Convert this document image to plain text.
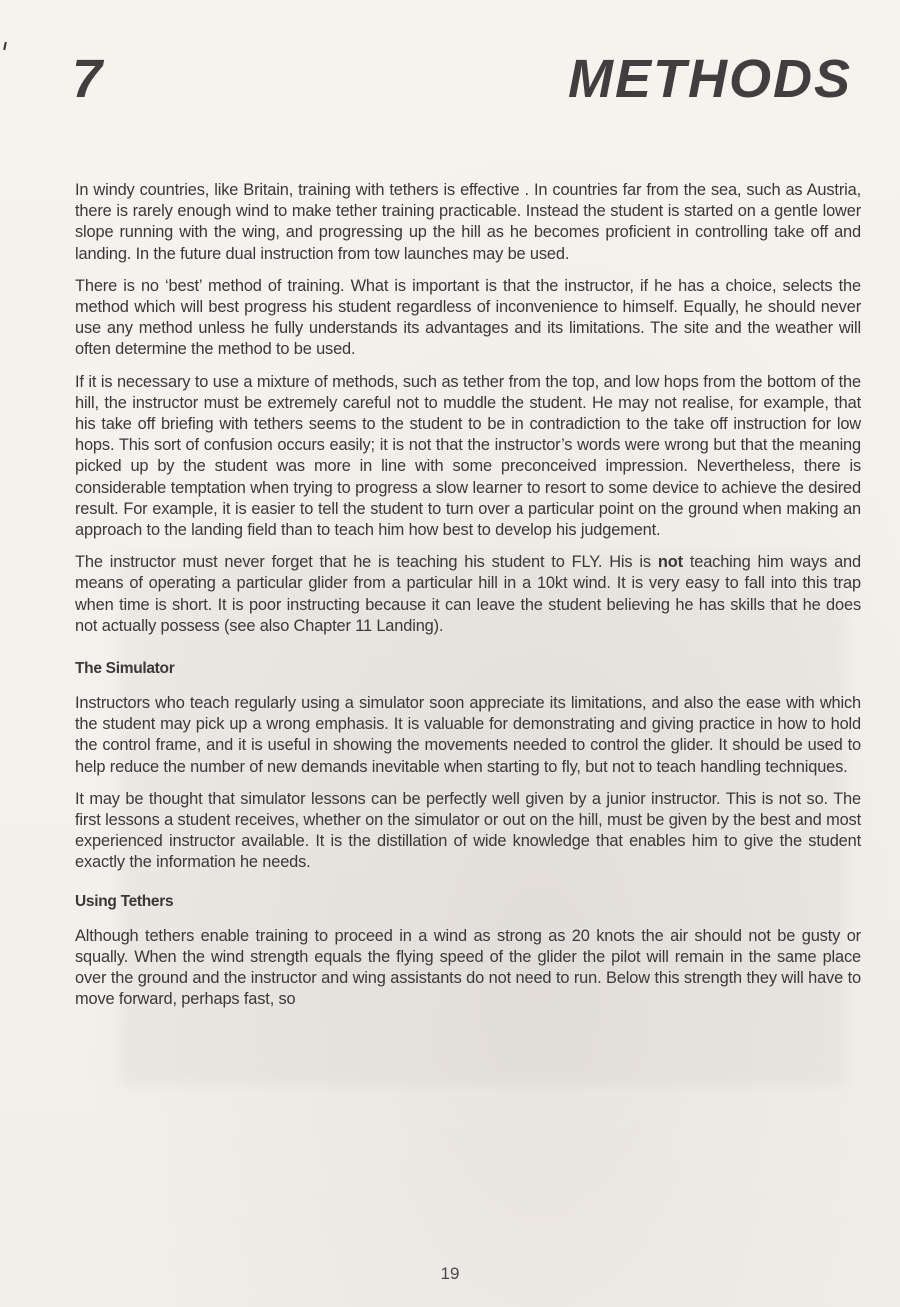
7	METHODS

In windy countries, like Britain, training with tethers is effective . In countries far from the sea, such as Austria, there is rarely enough wind to make tether training practicable. Instead the student is started on a gentle lower slope running with the wing, and progressing up the hill as he becomes proficient in controlling take off and landing. In the future dual instruction from tow launches may be used.

There is no ‘best’ method of training. What is important is that the instructor, if he has a choice, selects the method which will best progress his student regardless of inconvenience to himself. Equally, he should never use any method unless he fully understands its advantages and its limitations. The site and the weather will often determine the method to be used.

If it is necessary to use a mixture of methods, such as tether from the top, and low hops from the bottom of the hill, the instructor must be extremely careful not to muddle the student. He may not realise, for example, that his take off briefing with tethers seems to the student to be in contradiction to the take off instruction for low hops. This sort of confusion occurs easily; it is not that the instructor’s words were wrong but that the meaning picked up by the student was more in line with some preconceived impression. Nevertheless, there is considerable temptation when trying to progress a slow learner to resort to some device to achieve the desired result. For example, it is easier to tell the student to turn over a particular point on the ground when making an approach to the landing field than to teach him how best to develop his judgement.

The instructor must never forget that he is teaching his student to FLY. His is not teaching him ways and means of operating a particular glider from a particular hill in a 10kt wind. It is very easy to fall into this trap when time is short. It is poor instructing because it can leave the student believing he has skills that he does not actually possess (see also Chapter 11 Landing).

The Simulator

Instructors who teach regularly using a simulator soon appreciate its limitations, and also the ease with which the student may pick up a wrong emphasis. It is valuable for demonstrating and giving practice in how to hold the control frame, and it is useful in showing the movements needed to control the glider. It should be used to help reduce the number of new demands inevitable when starting to fly, but not to teach handling techniques.

It may be thought that simulator lessons can be perfectly well given by a junior instructor. This is not so. The first lessons a student receives, whether on the simulator or out on the hill, must be given by the best and most experienced instructor available. It is the distillation of wide knowledge that enables him to give the student exactly the information he needs.

Using Tethers

Although tethers enable training to proceed in a wind as strong as 20 knots the air should not be gusty or squally. When the wind strength equals the flying speed of the glider the pilot will remain in the same place over the ground and the instructor and wing assistants do not need to run. Below this strength they will have to move forward, perhaps fast, so

19
